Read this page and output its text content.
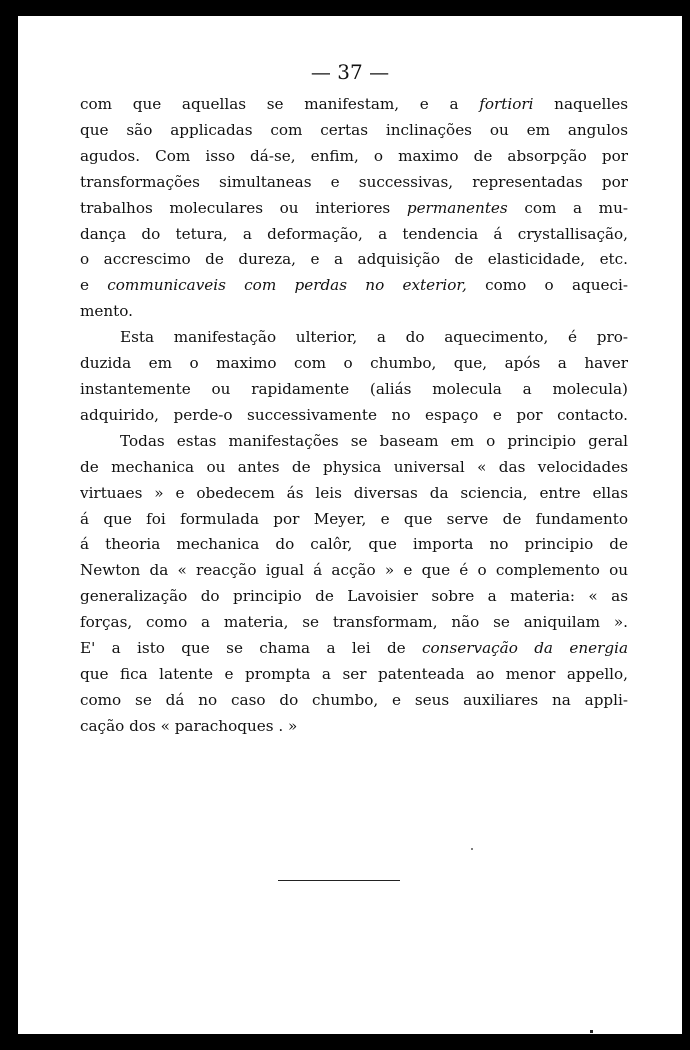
— 37 —
com que aquellas se manifestam, e a fortiori naquelles
que são applicadas com certas inclinações ou em angulos
agudos. Com isso dá-se, enfim, o maximo de absorpção por
transformações simultaneas e successivas, representadas por
trabalhos moleculares ou interiores permanentes com a mu-
dança do tetura, a deformação, a tendencia á crystallisação,
o accrescimo de dureza, e a adquisição de elasticidade, etc.
e communicaveis com perdas no exterior, como o aqueci-
mento.
Esta manifestação ulterior, a do aquecimento, é pro-
duzida em o maximo com o chumbo, que, após a haver
instantemente ou rapidamente (aliás molecula a molecula)
adquirido, perde-o successivamente no espaço e por contacto.
Todas estas manifestações se baseam em o principio geral
de mechanica ou antes de physica universal « das velocidades
virtuaes » e obedecem ás leis diversas da sciencia, entre ellas
á que foi formulada por Meyer, e que serve de fundamento
á theoria mechanica do calôr, que importa no principio de
Newton da « reacção igual á acção » e que é o complemento ou
generalização do principio de Lavoisier sobre a materia: « as
forças, como a materia, se transformam, não se aniquilam ».
E' a isto que se chama a lei de conservação da energia
que fica latente e prompta a ser patenteada ao menor appello,
como se dá no caso do chumbo, e seus auxiliares na appli-
cação dos « parachoques . »
